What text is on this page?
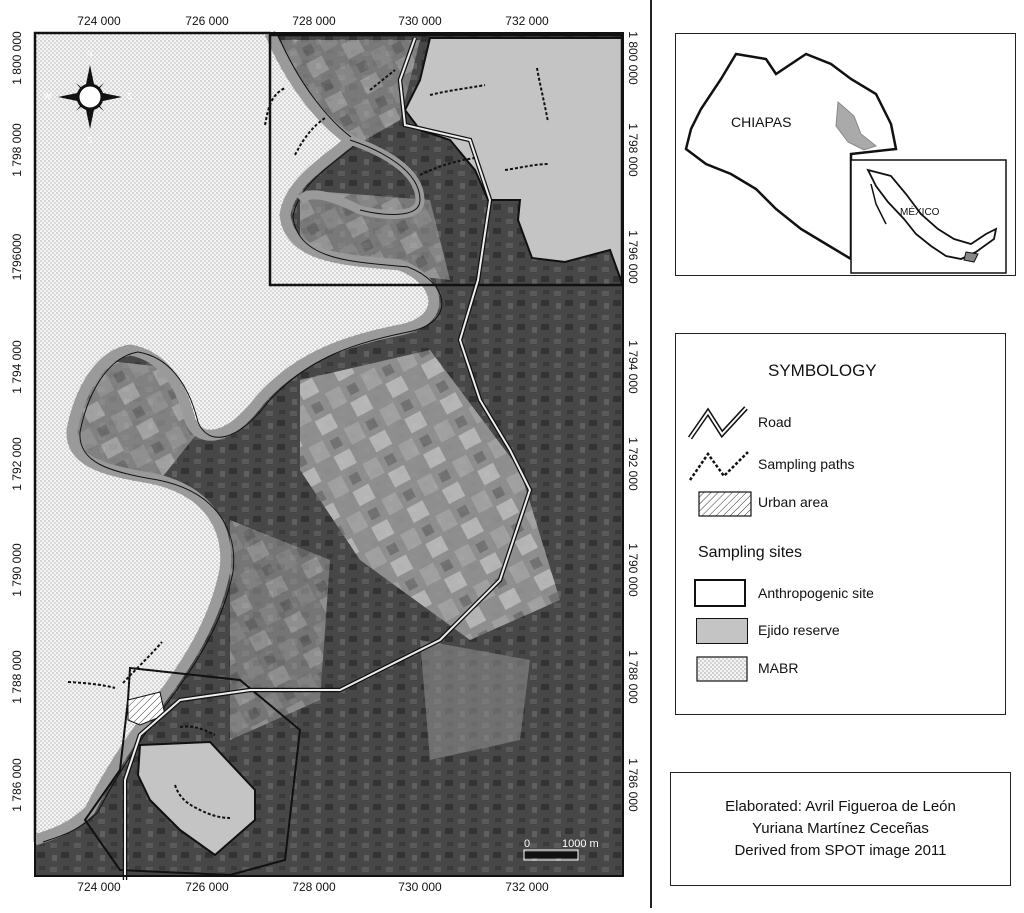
N
S
E
W
0	1000 m
724 000	726 000	728 000	730 000	732 000
724 000	726 000	728 000	730 000	732 000
1 800 000
1 798 000
1796000
1 794 000
1 792 000
1 790 000
1 788 000
1 786 000
1 800 000
1 798 000
1 796 000
1 794 000
1 792 000
1 790 000
1 788 000
1 786 000
CHIAPAS
MÉXICO
SYMBOLOGY
Road
Sampling paths
Urban area
Sampling sites
Anthropogenic site
Ejido reserve
MABR
Elaborated: Avril Figueroa de León
Yuriana Martínez Ceceñas
Derived from SPOT image 2011
